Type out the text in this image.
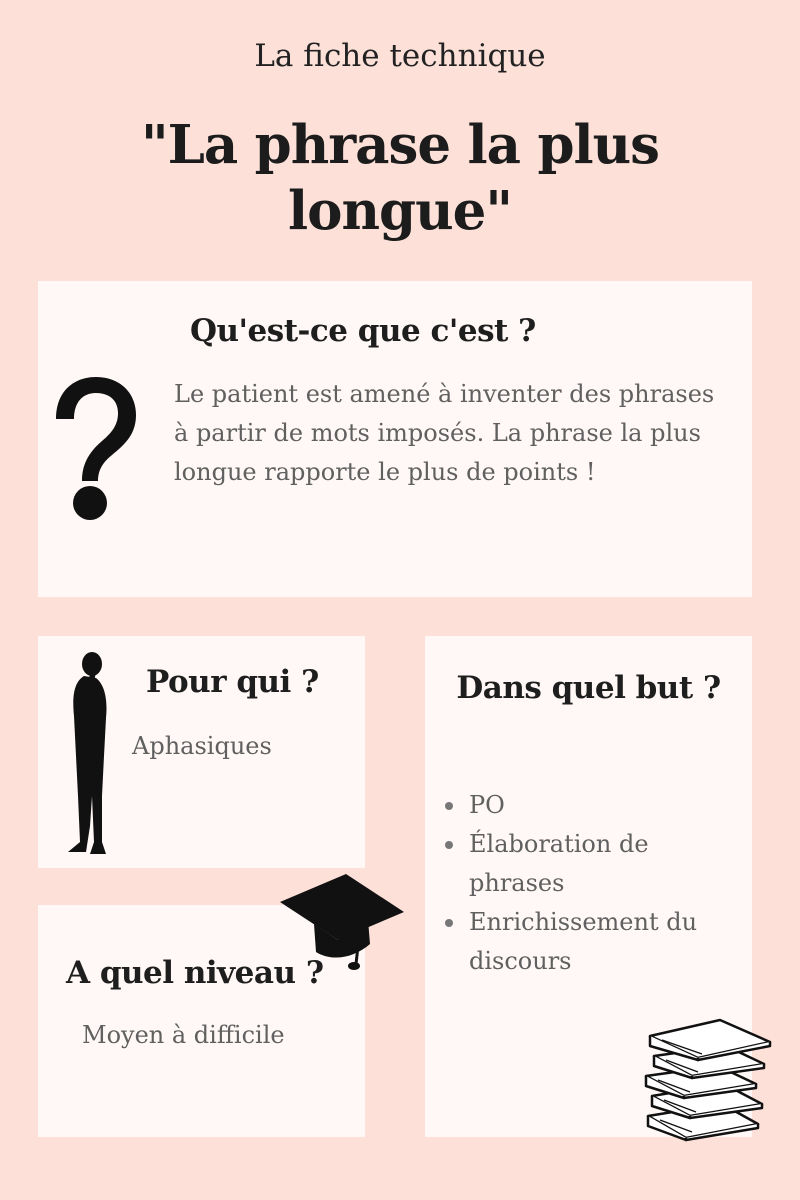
La fiche technique
"La phrase la plus longue"
Qu'est-ce que c'est ?

Le patient est amené à inventer des phrases à partir de mots imposés. La phrase la plus longue rapporte le plus de points !

Pour qui ?

Aphasiques

A quel niveau ?

Moyen à difficile

Dans quel but ?
PO
Élaboration de phrases
Enrichissement du discours
